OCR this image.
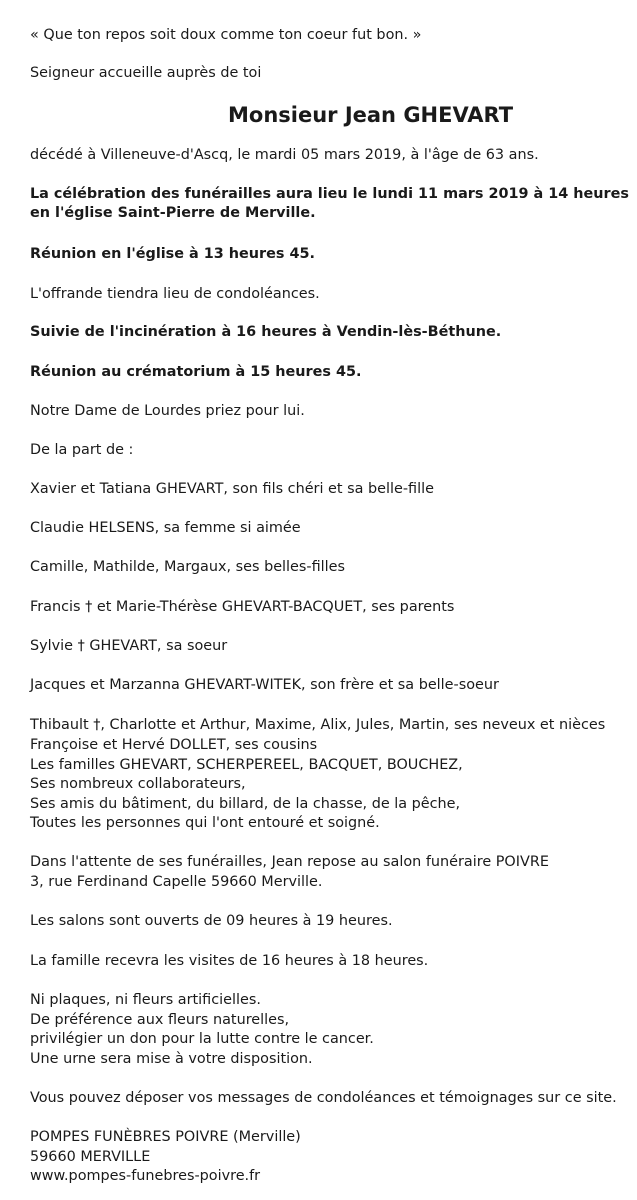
« Que ton repos soit doux comme ton coeur fut bon. »
Seigneur accueille auprès de toi
Monsieur Jean GHEVART
décédé à Villeneuve-d'Ascq, le mardi 05 mars 2019, à l'âge de 63 ans.
La célébration des funérailles aura lieu le lundi 11 mars 2019 à 14 heures
en l'église Saint-Pierre de Merville.
Réunion en l'église à 13 heures 45.
L'offrande tiendra lieu de condoléances.
Suivie de l'incinération à 16 heures à Vendin-lès-Béthune.
Réunion au crématorium à 15 heures 45.
Notre Dame de Lourdes priez pour lui.
De la part de :
Xavier et Tatiana GHEVART, son fils chéri et sa belle-fille
Claudie HELSENS, sa femme si aimée
Camille, Mathilde, Margaux, ses belles-filles
Francis † et Marie-Thérèse GHEVART-BACQUET, ses parents
Sylvie † GHEVART, sa soeur
Jacques et Marzanna GHEVART-WITEK, son frère et sa belle-soeur
Thibault †, Charlotte et Arthur, Maxime, Alix, Jules, Martin, ses neveux et nièces
Françoise et Hervé DOLLET, ses cousins
Les familles GHEVART, SCHERPEREEL, BACQUET, BOUCHEZ,
Ses nombreux collaborateurs,
Ses amis du bâtiment, du billard, de la chasse, de la pêche,
Toutes les personnes qui l'ont entouré et soigné.
Dans l'attente de ses funérailles, Jean repose au salon funéraire POIVRE
3, rue Ferdinand Capelle 59660 Merville.
Les salons sont ouverts de 09 heures à 19 heures.
La famille recevra les visites de 16 heures à 18 heures.
Ni plaques, ni fleurs artificielles.
De préférence aux fleurs naturelles,
privilégier un don pour la lutte contre le cancer.
Une urne sera mise à votre disposition.
Vous pouvez déposer vos messages de condoléances et témoignages sur ce site.
POMPES FUNÈBRES POIVRE (Merville)
59660 MERVILLE
www.pompes-funebres-poivre.fr
